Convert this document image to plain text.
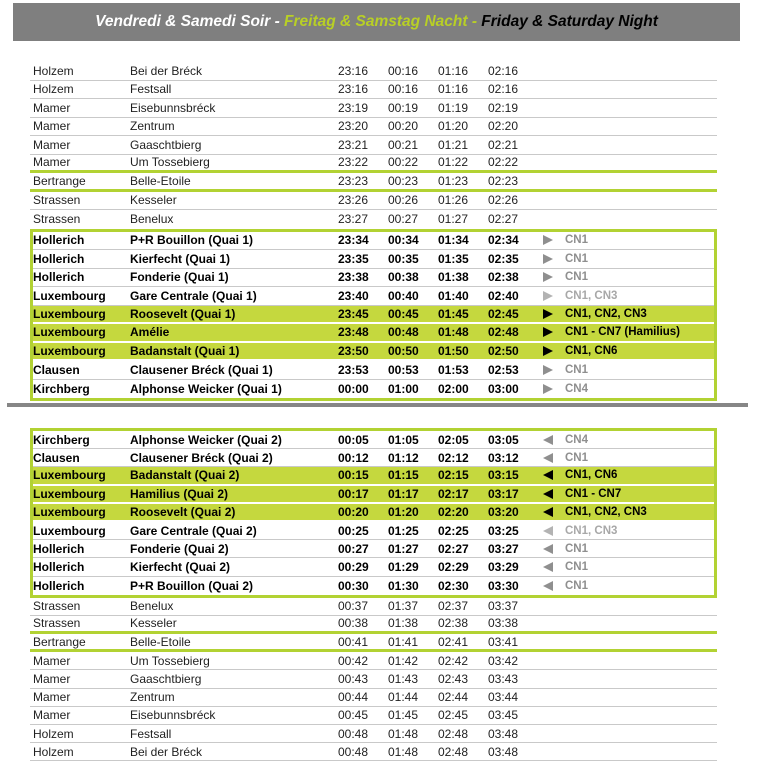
Vendredi & Samedi Soir - Freitag & Samstag Nacht - Friday & Saturday Night
Holzem	Bei der Bréck	23:16	00:16	01:16	02:16
Holzem	Festsall	23:16	00:16	01:16	02:16
Mamer	Eisebunnsbréck	23:19	00:19	01:19	02:19
Mamer	Zentrum	23:20	00:20	01:20	02:20
Mamer	Gaaschtbierg	23:21	00:21	01:21	02:21
Mamer	Um Tossebierg	23:22	00:22	01:22	02:22
Bertrange	Belle-Etoile	23:23	00:23	01:23	02:23
Strassen	Kesseler	23:26	00:26	01:26	02:26
Strassen	Benelux	23:27	00:27	01:27	02:27
Hollerich	P+R Bouillon (Quai 1)	23:34	00:34	01:34	02:34	CN1
Hollerich	Kierfecht (Quai 1)	23:35	00:35	01:35	02:35	CN1
Hollerich	Fonderie (Quai 1)	23:38	00:38	01:38	02:38	CN1
Luxembourg	Gare Centrale (Quai 1)	23:40	00:40	01:40	02:40	CN1, CN3
Luxembourg	Roosevelt (Quai 1)	23:45	00:45	01:45	02:45	CN1, CN2, CN3
Luxembourg	Amélie	23:48	00:48	01:48	02:48	CN1 - CN7 (Hamilius)
Luxembourg	Badanstalt (Quai 1)	23:50	00:50	01:50	02:50	CN1, CN6
Clausen	Clausener Bréck (Quai 1)	23:53	00:53	01:53	02:53	CN1
Kirchberg	Alphonse Weicker (Quai 1)	00:00	01:00	02:00	03:00	CN4
Kirchberg	Alphonse Weicker (Quai 2)	00:05	01:05	02:05	03:05	CN4
Clausen	Clausener Bréck (Quai 2)	00:12	01:12	02:12	03:12	CN1
Luxembourg	Badanstalt (Quai 2)	00:15	01:15	02:15	03:15	CN1, CN6
Luxembourg	Hamilius (Quai 2)	00:17	01:17	02:17	03:17	CN1 - CN7
Luxembourg	Roosevelt (Quai 2)	00:20	01:20	02:20	03:20	CN1, CN2, CN3
Luxembourg	Gare Centrale (Quai 2)	00:25	01:25	02:25	03:25	CN1, CN3
Hollerich	Fonderie (Quai 2)	00:27	01:27	02:27	03:27	CN1
Hollerich	Kierfecht (Quai 2)	00:29	01:29	02:29	03:29	CN1
Hollerich	P+R Bouillon (Quai 2)	00:30	01:30	02:30	03:30	CN1
Strassen	Benelux	00:37	01:37	02:37	03:37
Strassen	Kesseler	00:38	01:38	02:38	03:38
Bertrange	Belle-Etoile	00:41	01:41	02:41	03:41
Mamer	Um Tossebierg	00:42	01:42	02:42	03:42
Mamer	Gaaschtbierg	00:43	01:43	02:43	03:43
Mamer	Zentrum	00:44	01:44	02:44	03:44
Mamer	Eisebunnsbréck	00:45	01:45	02:45	03:45
Holzem	Festsall	00:48	01:48	02:48	03:48
Holzem	Bei der Bréck	00:48	01:48	02:48	03:48
